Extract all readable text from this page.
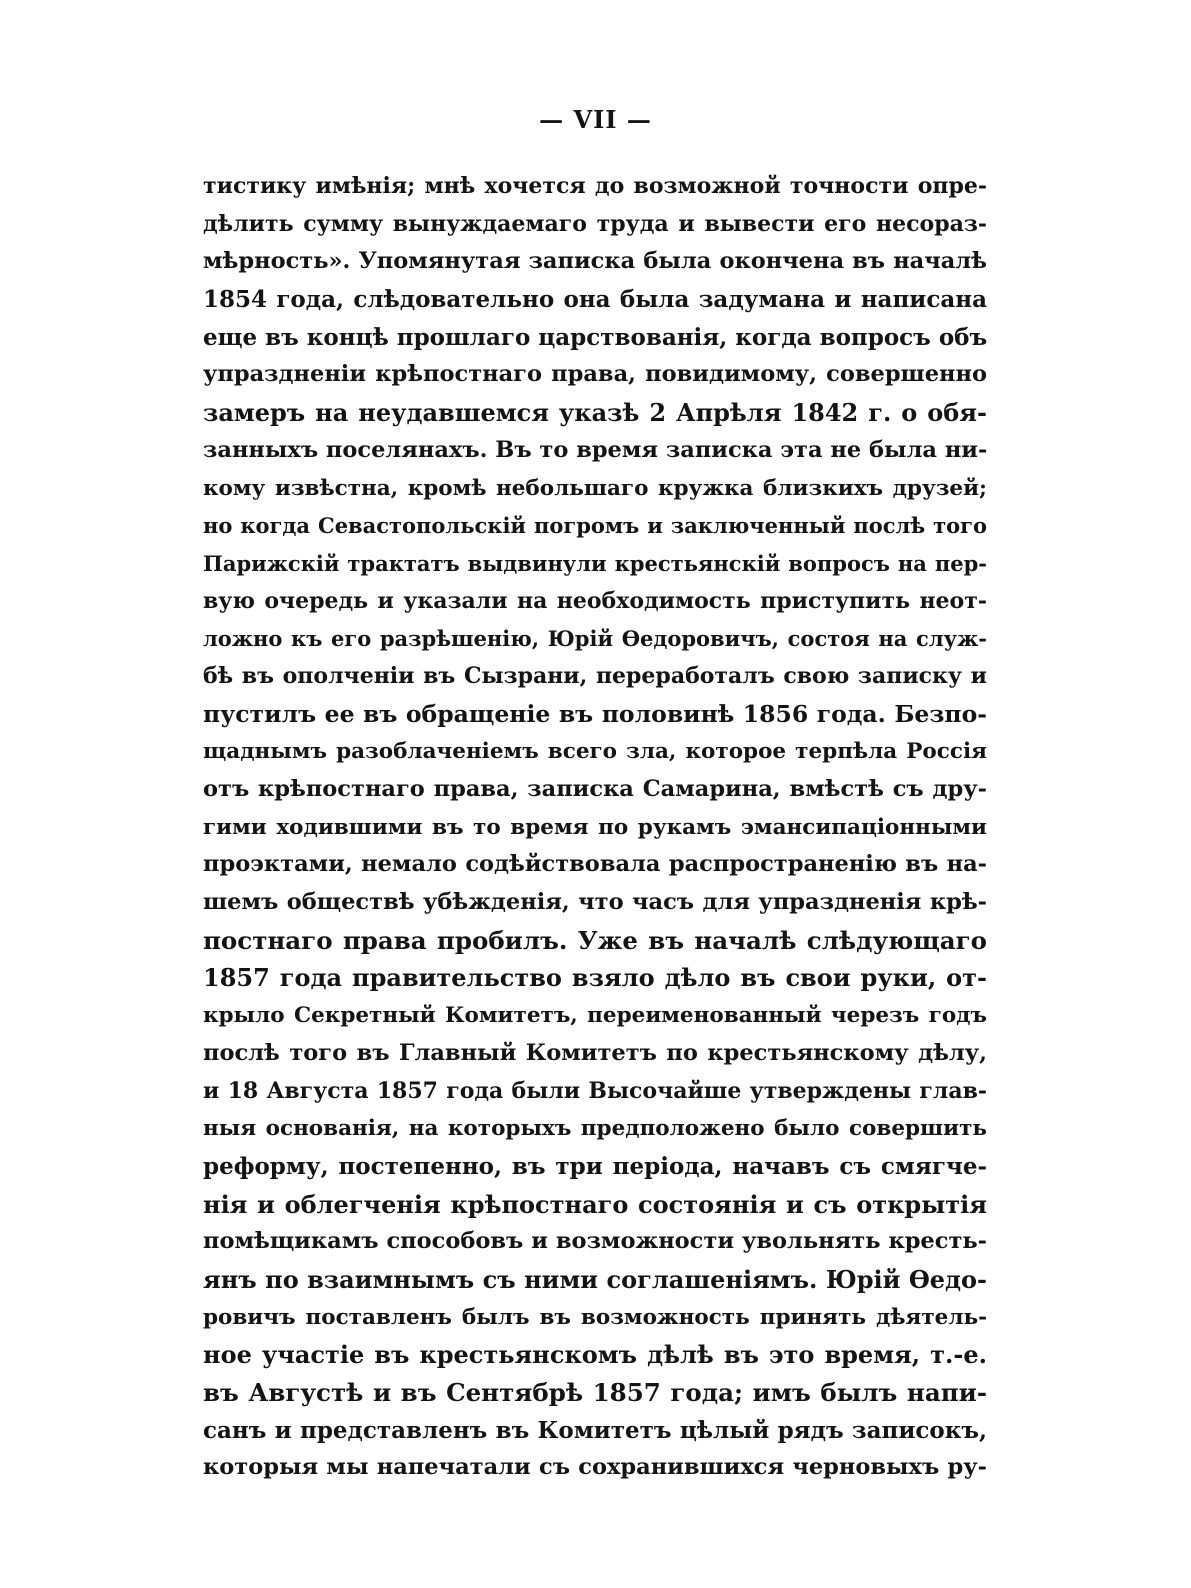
— VII —
тистику имѣнія; мнѣ хочется до возможной точности опре-
дѣлить сумму вынуждаемаго труда и вывести его несораз-
мѣрность». Упомянутая записка была окончена въ началѣ
1854 года, слѣдовательно она была задумана и написана
еще въ концѣ прошлаго царствованія, когда вопросъ объ
упраздненіи крѣпостнаго права, повидимому, совершенно
замеръ на неудавшемся указѣ 2 Апрѣля 1842 г. о обя-
занныхъ поселянахъ. Въ то время записка эта не была ни-
кому извѣстна, кромѣ небольшаго кружка близкихъ друзей;
но когда Севастопольскій погромъ и заключенный послѣ того
Парижскій трактатъ выдвинули крестьянскій вопросъ на пер-
вую очередь и указали на необходимость приступить неот-
ложно къ его разрѣшенію, Юрій Өедоровичъ, состоя на служ-
бѣ въ ополченіи въ Сызрани, переработалъ свою записку и
пустилъ ее въ обращеніе въ половинѣ 1856 года. Безпо-
щаднымъ разоблаченіемъ всего зла, которое терпѣла Россія
отъ крѣпостнаго права, записка Самарина, вмѣстѣ съ дру-
гими ходившими въ то время по рукамъ эмансипаціонными
проэктами, немало содѣйствовала распространенію въ на-
шемъ обществѣ убѣжденія, что часъ для упраздненія крѣ-
постнаго права пробилъ. Уже въ началѣ слѣдующаго
1857 года правительство взяло дѣло въ свои руки, от-
крыло Секретный Комитетъ, переименованный черезъ годъ
послѣ того въ Главный Комитетъ по крестьянскому дѣлу,
и 18 Августа 1857 года были Высочайше утверждены глав-
ныя основанія, на которыхъ предположено было совершить
реформу, постепенно, въ три періода, начавъ съ смягче-
нія и облегченія крѣпостнаго состоянія и съ открытія
помѣщикамъ способовъ и возможности увольнять кресть-
янъ по взаимнымъ съ ними соглашеніямъ. Юрій Өедо-
ровичъ поставленъ былъ въ возможность принять дѣятель-
ное участіе въ крестьянскомъ дѣлѣ въ это время, т.-е.
въ Августѣ и въ Сентябрѣ 1857 года; имъ былъ напи-
санъ и представленъ въ Комитетъ цѣлый рядъ записокъ,
которыя мы напечатали съ сохранившихся черновыхъ ру-
